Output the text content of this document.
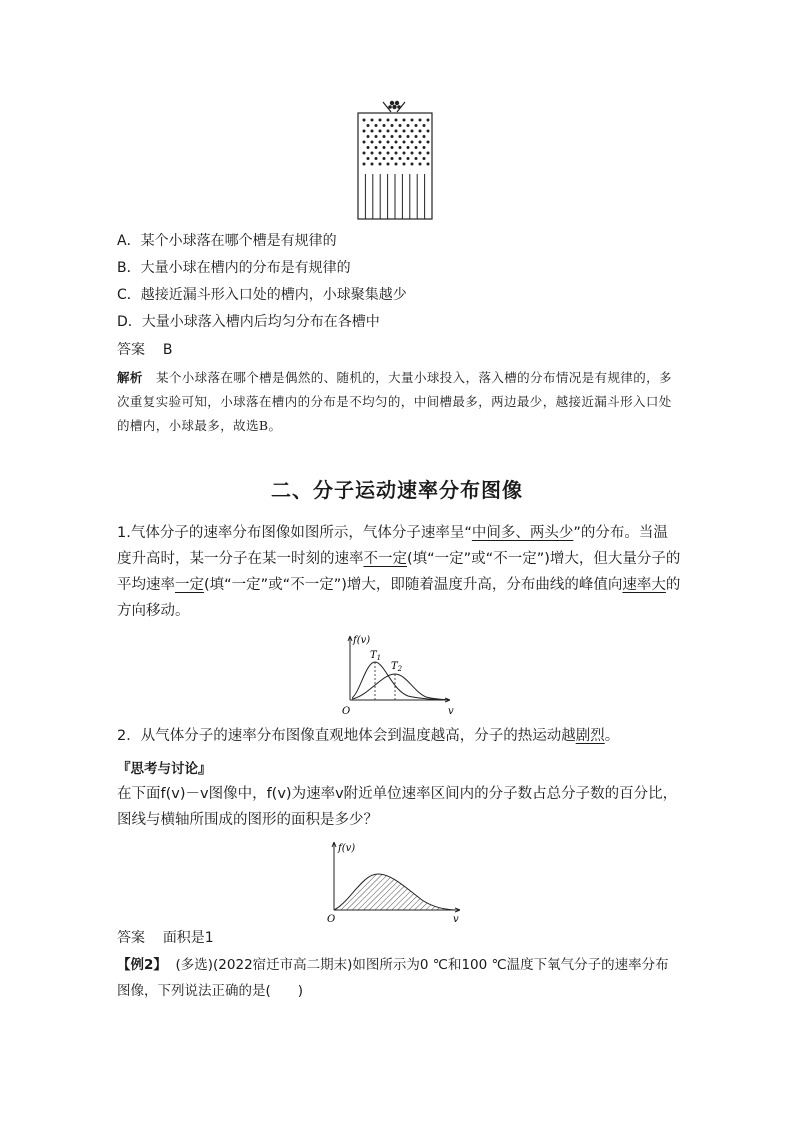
A．某个小球落在哪个槽是有规律的
B．大量小球在槽内的分布是有规律的
C．越接近漏斗形入口处的槽内，小球聚集越少
D．大量小球落入槽内后均匀分布在各槽中
答案 B
解析 某个小球落在哪个槽是偶然的、随机的，大量小球投入，落入槽的分布情况是有规律的，多次重复实验可知，小球落在槽内的分布是不均匀的，中间槽最多，两边最少，越接近漏斗形入口处的槽内，小球最多，故选B。
二、分子运动速率分布图像
1.气体分子的速率分布图像如图所示，气体分子速率呈“中间多、两头少”的分布。当温度升高时，某一分子在某一时刻的速率不一定(填“一定”或“不一定”)增大，但大量分子的平均速率一定(填“一定”或“不一定”)增大，即随着温度升高，分布曲线的峰值向速率大的方向移动。
f(v)
v
O
$T_1$
$T_2$
2．从气体分子的速率分布图像直观地体会到温度越高，分子的热运动越剧烈。
『思考与讨论』
在下面f(v)－v图像中，f(v)为速率v附近单位速率区间内的分子数占总分子数的百分比，图线与横轴所围成的图形的面积是多少？
f(v)
v
O
答案 面积是1
【例2】 (多选)(2022宿迁市高二期末)如图所示为0 ℃和100 ℃温度下氧气分子的速率分布图像，下列说法正确的是(　　)
